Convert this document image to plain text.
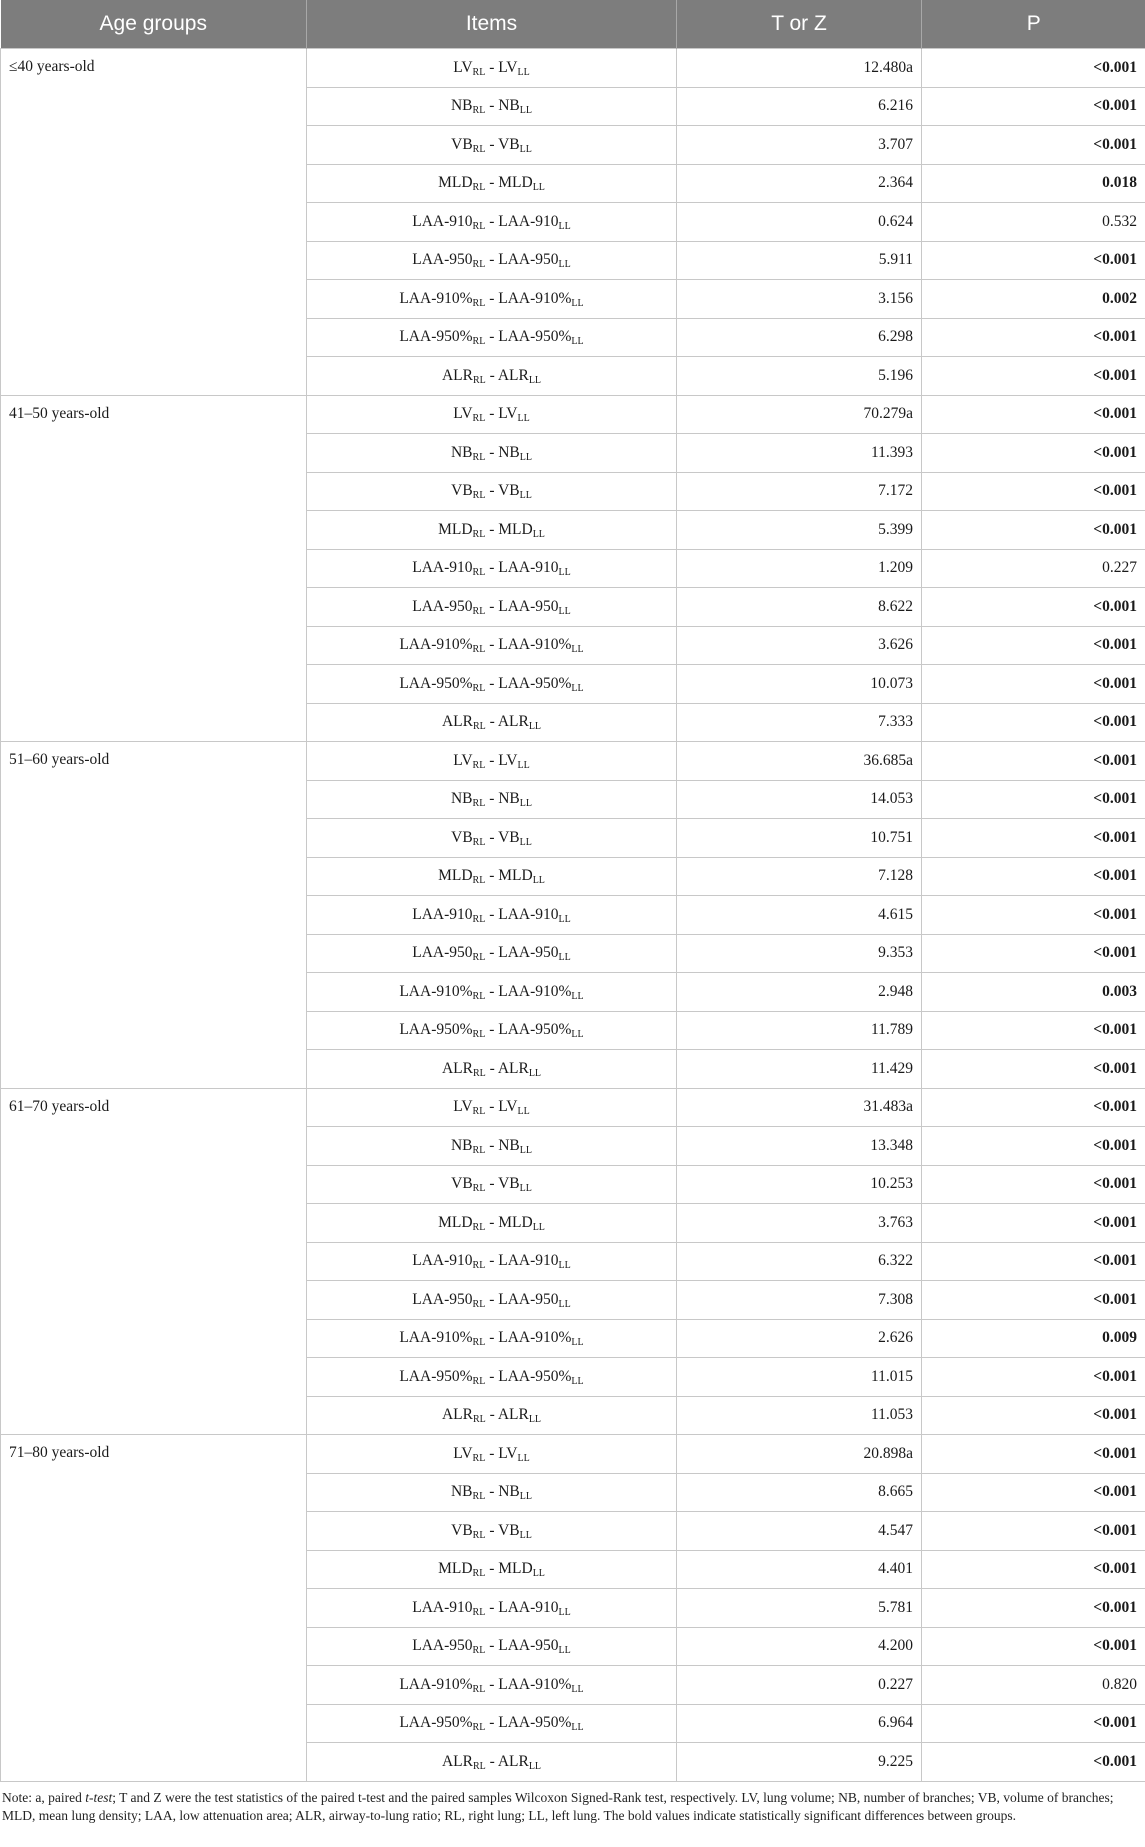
Age groups	Items	T or Z	P
≤40 years-old	$LV_{RL} - LV_{LL}$	12.480a	<0.001
	$NB_{RL} - NB_{LL}$	6.216	<0.001
	$VB_{RL} - VB_{LL}$	3.707	<0.001
	$MLD_{RL} - MLD_{LL}$	2.364	0.018
	LAA-$910_{RL} - LAA-910_{LL}$	0.624	0.532
	LAA-$950_{RL} - LAA-950_{LL}$	5.911	<0.001
	LAA-$910\%_{RL} - LAA-910\%_{LL}$	3.156	0.002
	LAA-$950\%_{RL} - LAA-950\%_{LL}$	6.298	<0.001
	$ALR_{RL} - ALR_{LL}$	5.196	<0.001
41–50 years-old	$LV_{RL} - LV_{LL}$	70.279a	<0.001
	$NB_{RL} - NB_{LL}$	11.393	<0.001
	$VB_{RL} - VB_{LL}$	7.172	<0.001
	$MLD_{RL} - MLD_{LL}$	5.399	<0.001
	LAA-$910_{RL} - LAA-910_{LL}$	1.209	0.227
	LAA-$950_{RL} - LAA-950_{LL}$	8.622	<0.001
	LAA-$910\%_{RL} - LAA-910\%_{LL}$	3.626	<0.001
	LAA-$950\%_{RL} - LAA-950\%_{LL}$	10.073	<0.001
	$ALR_{RL} - ALR_{LL}$	7.333	<0.001
51–60 years-old	$LV_{RL} - LV_{LL}$	36.685a	<0.001
	$NB_{RL} - NB_{LL}$	14.053	<0.001
	$VB_{RL} - VB_{LL}$	10.751	<0.001
	$MLD_{RL} - MLD_{LL}$	7.128	<0.001
	LAA-$910_{RL} - LAA-910_{LL}$	4.615	<0.001
	LAA-$950_{RL} - LAA-950_{LL}$	9.353	<0.001
	LAA-$910\%_{RL} - LAA-910\%_{LL}$	2.948	0.003
	LAA-$950\%_{RL} - LAA-950\%_{LL}$	11.789	<0.001
	$ALR_{RL} - ALR_{LL}$	11.429	<0.001
61–70 years-old	$LV_{RL} - LV_{LL}$	31.483a	<0.001
	$NB_{RL} - NB_{LL}$	13.348	<0.001
	$VB_{RL} - VB_{LL}$	10.253	<0.001
	$MLD_{RL} - MLD_{LL}$	3.763	<0.001
	LAA-$910_{RL} - LAA-910_{LL}$	6.322	<0.001
	LAA-$950_{RL} - LAA-950_{LL}$	7.308	<0.001
	LAA-$910\%_{RL} - LAA-910\%_{LL}$	2.626	0.009
	LAA-$950\%_{RL} - LAA-950\%_{LL}$	11.015	<0.001
	$ALR_{RL} - ALR_{LL}$	11.053	<0.001
71–80 years-old	$LV_{RL} - LV_{LL}$	20.898a	<0.001
	$NB_{RL} - NB_{LL}$	8.665	<0.001
	$VB_{RL} - VB_{LL}$	4.547	<0.001
	$MLD_{RL} - MLD_{LL}$	4.401	<0.001
	LAA-$910_{RL} - LAA-910_{LL}$	5.781	<0.001
	LAA-$950_{RL} - LAA-950_{LL}$	4.200	<0.001
	LAA-$910\%_{RL} - LAA-910\%_{LL}$	0.227	0.820
	LAA-$950\%_{RL} - LAA-950\%_{LL}$	6.964	<0.001
	$ALR_{RL} - ALR_{LL}$	9.225	<0.001
Note: a, paired t-test; T and Z were the test statistics of the paired t-test and the paired samples Wilcoxon Signed-Rank test, respectively. LV, lung volume; NB, number of branches; VB, volume of branches; MLD, mean lung density; LAA, low attenuation area; ALR, airway-to-lung ratio; RL, right lung; LL, left lung. The bold values indicate statistically significant differences between groups.
